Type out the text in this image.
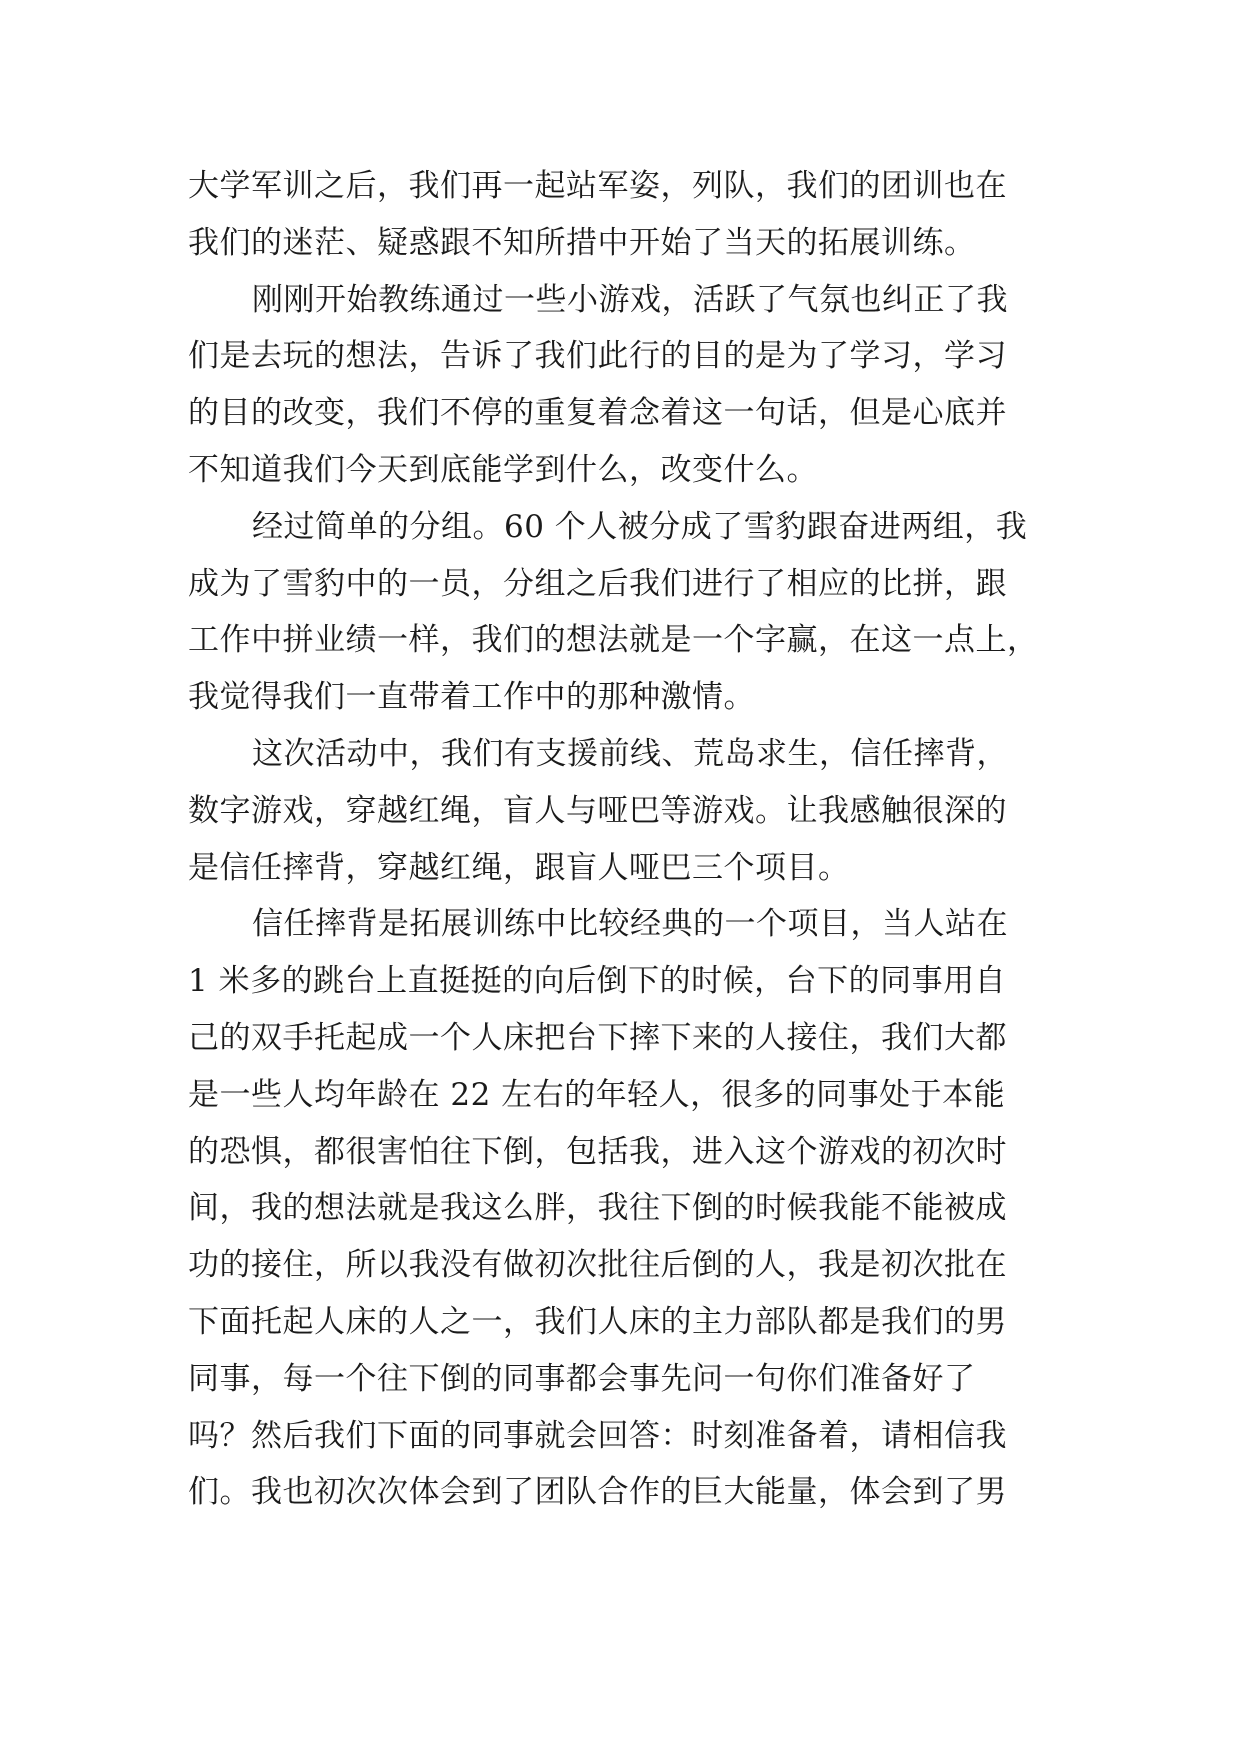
大学军训之后，我们再一起站军姿，列队，我们的团训也在
我们的迷茫、疑惑跟不知所措中开始了当天的拓展训练。
刚刚开始教练通过一些小游戏，活跃了气氛也纠正了我
们是去玩的想法，告诉了我们此行的目的是为了学习，学习
的目的改变，我们不停的重复着念着这一句话，但是心底并
不知道我们今天到底能学到什么，改变什么。
经过简单的分组。60 个人被分成了雪豹跟奋进两组，我
成为了雪豹中的一员，分组之后我们进行了相应的比拼，跟
工作中拼业绩一样，我们的想法就是一个字赢，在这一点上，
我觉得我们一直带着工作中的那种激情。
这次活动中，我们有支援前线、荒岛求生，信任摔背，
数字游戏，穿越红绳，盲人与哑巴等游戏。让我感触很深的
是信任摔背，穿越红绳，跟盲人哑巴三个项目。
信任摔背是拓展训练中比较经典的一个项目，当人站在
1 米多的跳台上直挺挺的向后倒下的时候，台下的同事用自
己的双手托起成一个人床把台下摔下来的人接住，我们大都
是一些人均年龄在 22 左右的年轻人，很多的同事处于本能
的恐惧，都很害怕往下倒，包括我，进入这个游戏的初次时
间，我的想法就是我这么胖，我往下倒的时候我能不能被成
功的接住，所以我没有做初次批往后倒的人，我是初次批在
下面托起人床的人之一，我们人床的主力部队都是我们的男
同事，每一个往下倒的同事都会事先问一句你们准备好了
吗？然后我们下面的同事就会回答：时刻准备着，请相信我
们。我也初次次体会到了团队合作的巨大能量，体会到了男
